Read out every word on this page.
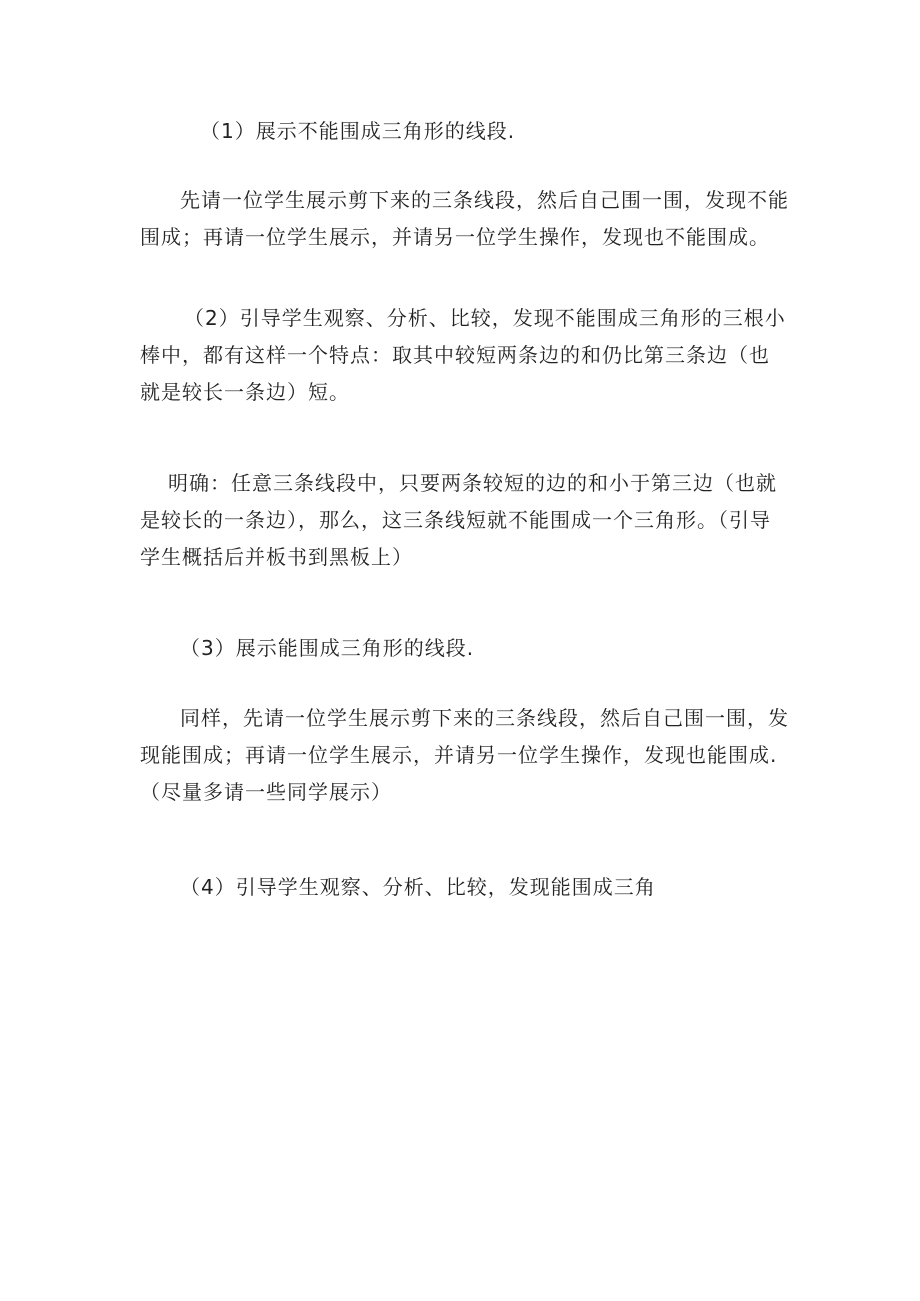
（1）展示不能围成三角形的线段.

先请一位学生展示剪下来的三条线段，然后自己围一围，发现不能围成；再请一位学生展示，并请另一位学生操作，发现也不能围成。

（2）引导学生观察、分析、比较，发现不能围成三角形的三根小棒中，都有这样一个特点：取其中较短两条边的和仍比第三条边（也就是较长一条边）短。

明确：任意三条线段中，只要两条较短的边的和小于第三边（也就是较长的一条边），那么，这三条线短就不能围成一个三角形。（引导学生概括后并板书到黑板上）

（3）展示能围成三角形的线段.

同样，先请一位学生展示剪下来的三条线段，然后自己围一围，发现能围成；再请一位学生展示，并请另一位学生操作，发现也能围成.（尽量多请一些同学展示）

（4）引导学生观察、分析、比较，发现能围成三角
